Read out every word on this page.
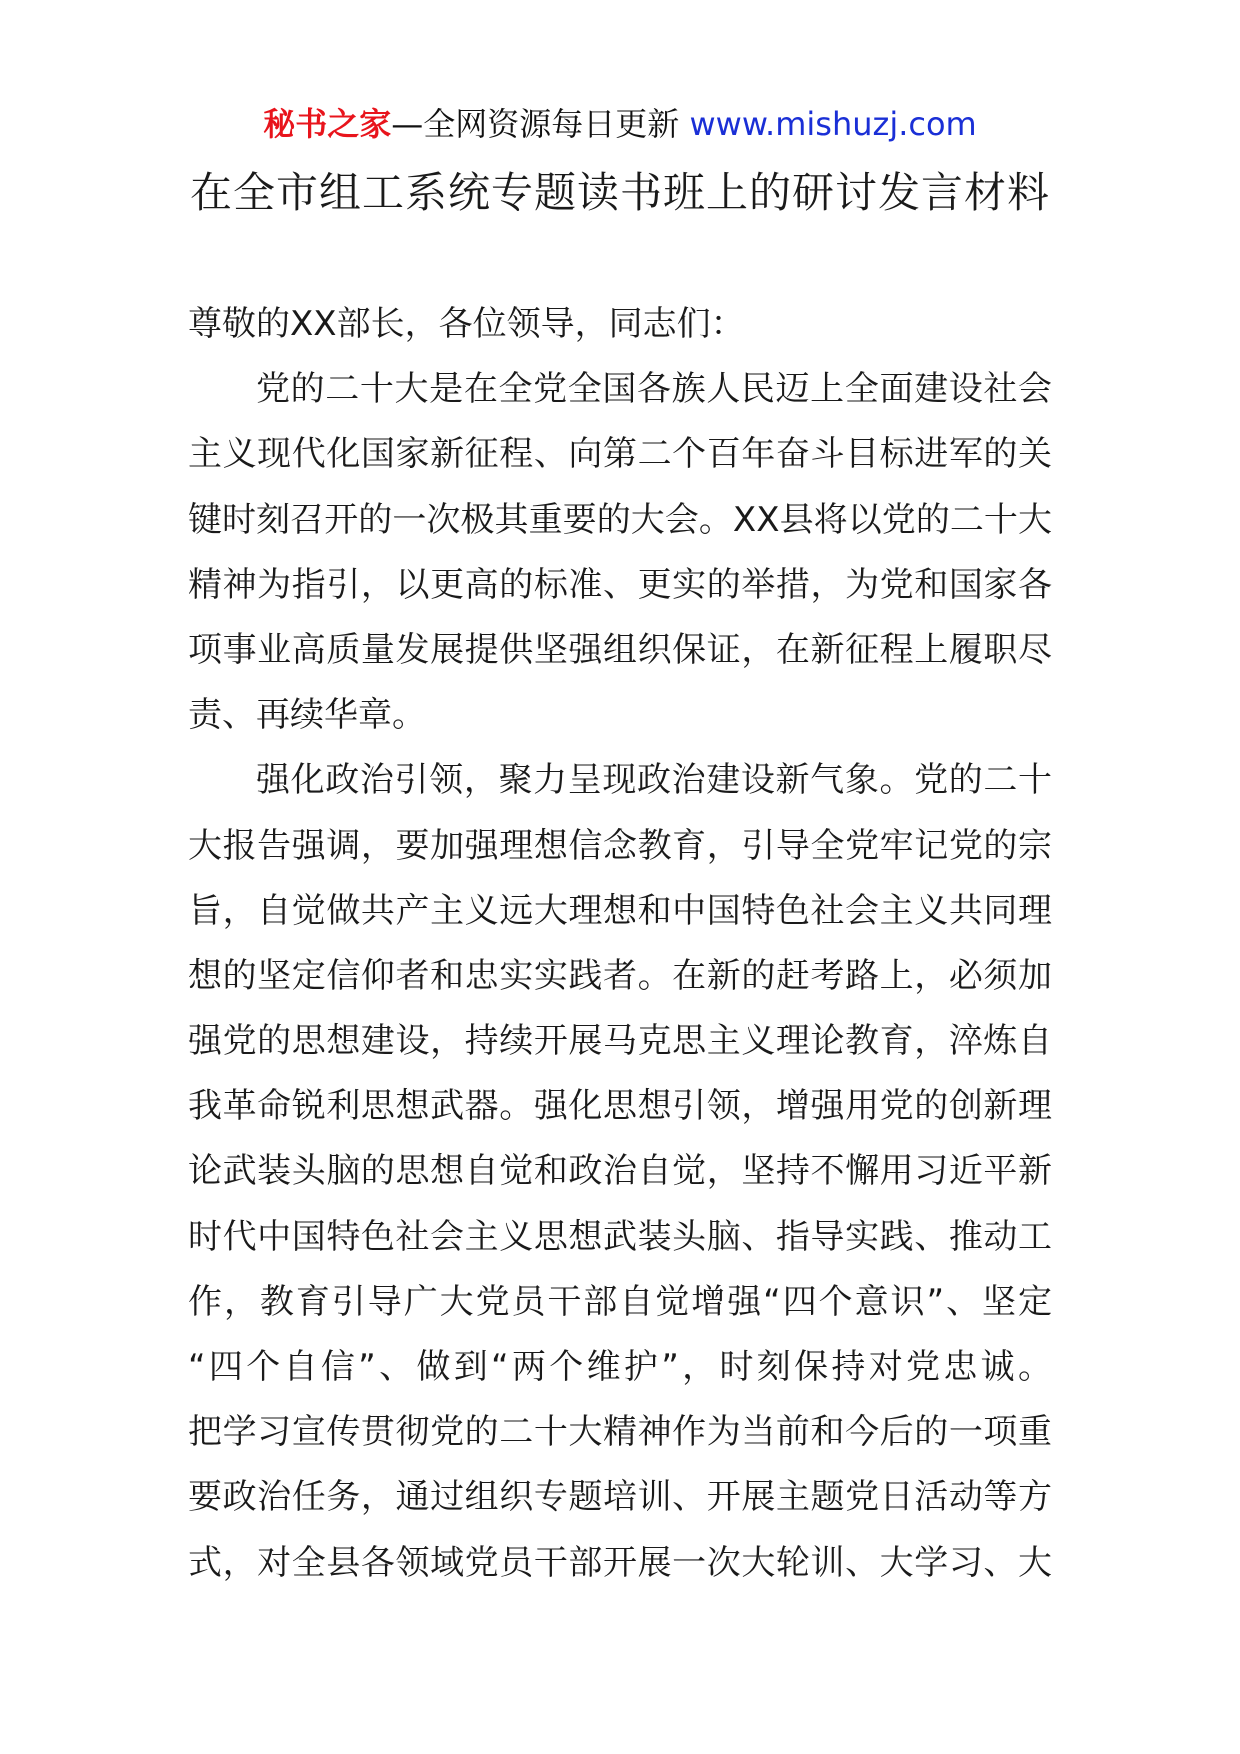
秘书之家—全网资源每日更新 www.mishuzj.com
在全市组工系统专题读书班上的研讨发言材料
尊敬的XX部长，各位领导，同志们：
党的二十大是在全党全国各族人民迈上全面建设社会
主义现代化国家新征程、向第二个百年奋斗目标进军的关
键时刻召开的一次极其重要的大会。XX县将以党的二十大
精神为指引，以更高的标准、更实的举措，为党和国家各
项事业高质量发展提供坚强组织保证，在新征程上履职尽
责、再续华章。
强化政治引领，聚力呈现政治建设新气象。党的二十
大报告强调，要加强理想信念教育，引导全党牢记党的宗
旨，自觉做共产主义远大理想和中国特色社会主义共同理
想的坚定信仰者和忠实实践者。在新的赶考路上，必须加
强党的思想建设，持续开展马克思主义理论教育，淬炼自
我革命锐利思想武器。强化思想引领，增强用党的创新理
论武装头脑的思想自觉和政治自觉，坚持不懈用习近平新
时代中国特色社会主义思想武装头脑、指导实践、推动工
作，教育引导广大党员干部自觉增强“四个意识”、坚定
“四个自信”、做到“两个维护”，时刻保持对党忠诚。
把学习宣传贯彻党的二十大精神作为当前和今后的一项重
要政治任务，通过组织专题培训、开展主题党日活动等方
式，对全县各领域党员干部开展一次大轮训、大学习、大
